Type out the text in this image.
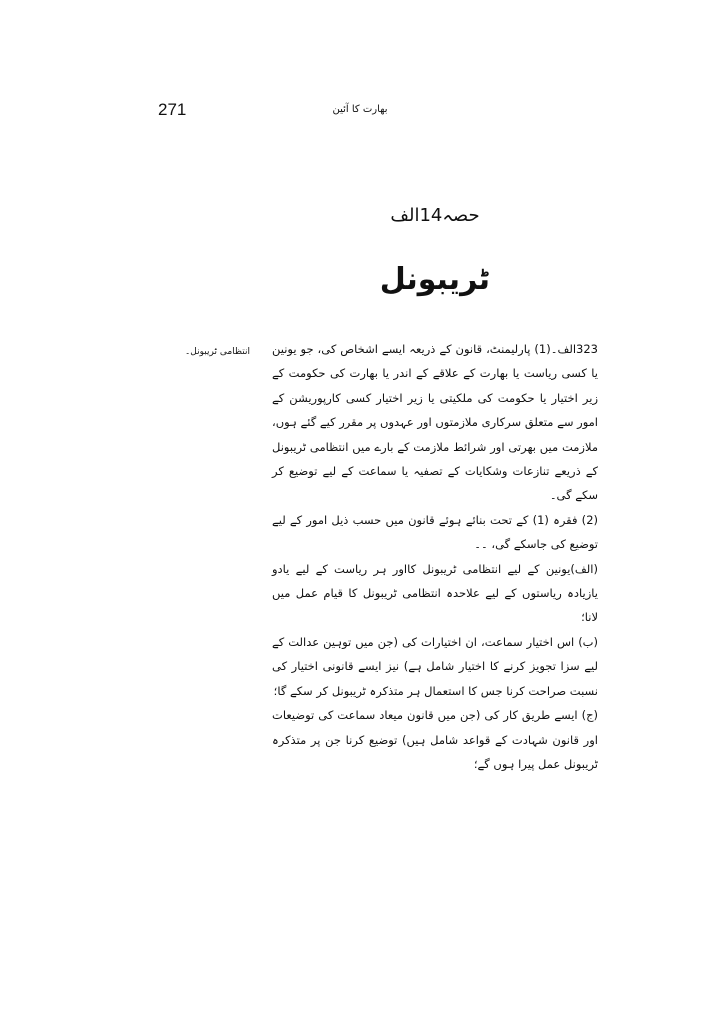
271	بھارت کا آئین
حصہ14الف
ٹریبونل
انتظامی ٹریبونل۔ 323الف۔(1) پارلیمنٹ، قانون کے ذریعہ ایسے اشخاص کی، جو یونین یا کسی ریاست یا بھارت کے علاقے کے اندر یا بھارت کی حکومت کے زیر اختیار یا حکومت کی ملکیتی یا زیر اختیار کسی کارپوریشن کے امور سے متعلق سرکاری ملازمتوں اور عہدوں پر مقرر کیے گئے ہوں، ملازمت میں بھرتی اور شرائط ملازمت کے بارے میں انتظامی ٹریبونل کے ذریعے تنازعات وشکایات کے تصفیہ یا سماعت کے لیے توضیع کر سکے گی۔

(2) فقرہ (1) کے تحت بنائے ہوئے قانون میں حسب ذیل امور کے لیے توضیع کی جاسکے گی، ۔۔

(الف)یونین کے لیے انتظامی ٹریبونل کااور ہر ریاست کے لیے یادو یازیادہ ریاستوں کے لیے علاحدہ انتظامی ٹریبونل کا قیام عمل میں لانا؛

(ب) اس اختیار سماعت، ان اختیارات کی (جن میں توہین عدالت کے لیے سزا تجویز کرنے کا اختیار شامل ہے) نیز ایسے قانونی اختیار کی نسبت صراحت کرنا جس کا استعمال ہر متذکرہ ٹریبونل کر سکے گا؛

(ج) ایسے طریق کار کی (جن میں قانون میعاد سماعت کی توضیعات اور قانون شہادت کے قواعد شامل ہیں) توضیع کرنا جن پر متذکرہ ٹریبونل عمل پیرا ہوں گے؛
